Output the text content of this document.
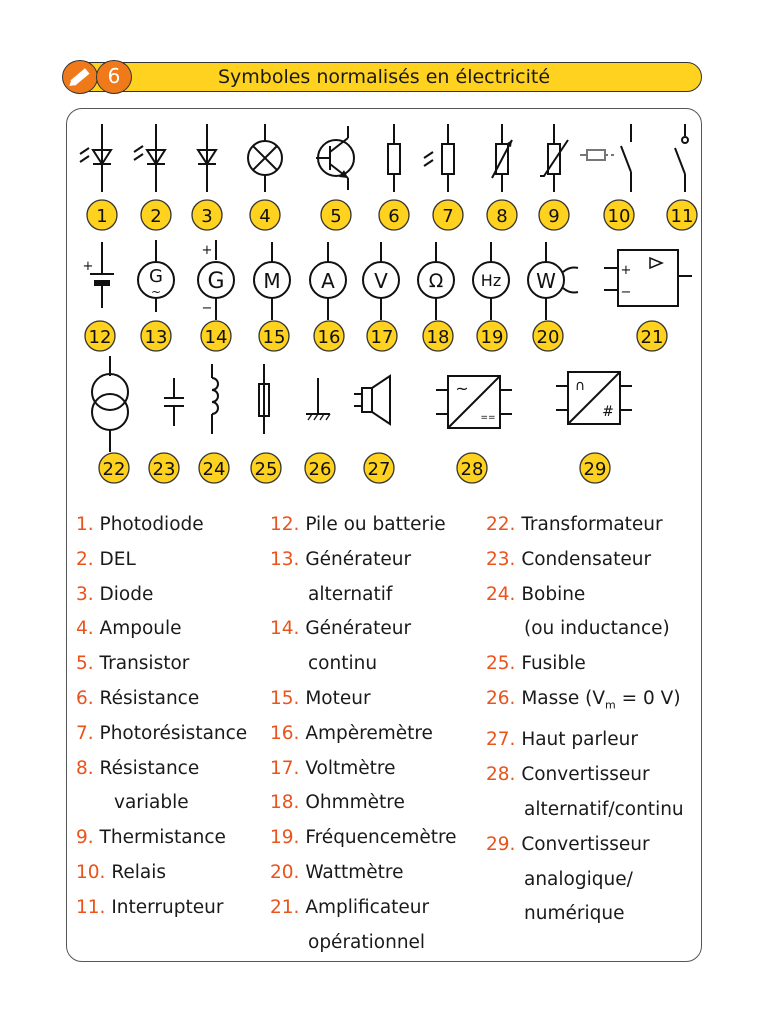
Symboles normalisés en électricité
6
1 2 3	4	5	6 7 8 9	10 11
+	G
~ G
+
−
M A V Ω Hz W	+
−
12 13 14 15 16 17 18 19 20	21
~
==
∩
#
22 23 24 25 26 27	28	29
1. Photodiode
2. DEL
3. Diode
4. Ampoule
5. Transistor
6. Résistance
7. Photorésistance
8. Résistance
variable
9. Thermistance
10. Relais
11. Interrupteur
12. Pile ou batterie
13. Générateur
alternatif
14. Générateur
continu
15. Moteur
16. Ampèremètre
17. Voltmètre
18. Ohmmètre
19. Fréquencemètre
20. Wattmètre
21. Amplificateur
opérationnel
22. Transformateur
23. Condensateur
24. Bobine
(ou inductance)
25. Fusible
26. Masse ($V_m = 0$ V)
27. Haut parleur
28. Convertisseur
alternatif/continu
29. Convertisseur
analogique/
numérique
